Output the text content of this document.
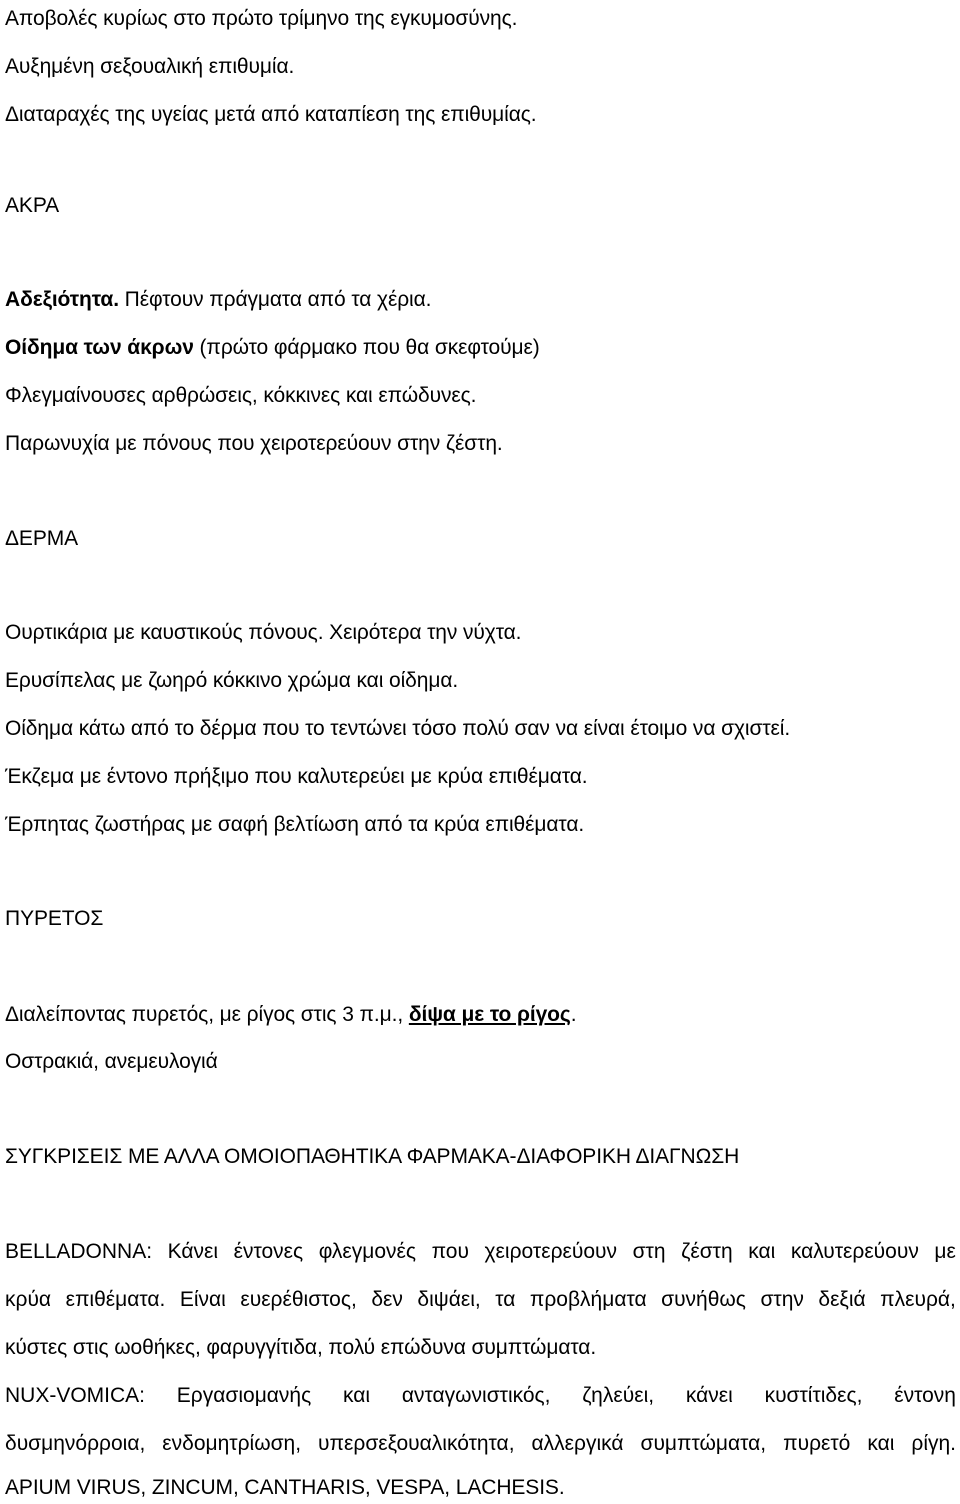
Αποβολές κυρίως στο πρώτο τρίμηνο της εγκυμοσύνης.

Αυξημένη σεξουαλική επιθυμία.

Διαταραχές της υγείας μετά από καταπίεση της επιθυμίας.

ΑΚΡΑ

Αδεξιότητα. Πέφτουν πράγματα από τα χέρια.

Οίδημα των άκρων (πρώτο φάρμακο που θα σκεφτούμε)

Φλεγμαίνουσες αρθρώσεις, κόκκινες και επώδυνες.

Παρωνυχία με πόνους που χειροτερεύουν στην ζέστη.

ΔΕΡΜΑ

Ουρτικάρια με καυστικούς πόνους. Χειρότερα την νύχτα.

Ερυσίπελας με ζωηρό κόκκινο χρώμα και οίδημα.

Οίδημα κάτω από το δέρμα που το τεντώνει τόσο πολύ σαν να είναι έτοιμο να σχιστεί.

Έκζεμα με έντονο πρήξιμο που καλυτερεύει με κρύα επιθέματα.

Έρπητας ζωστήρας με σαφή βελτίωση από τα κρύα επιθέματα.

ΠΥΡΕΤΟΣ

Διαλείποντας πυρετός, με ρίγος στις 3 π.μ., δίψα με το ρίγος.

Οστρακιά, ανεμευλογιά

ΣΥΓΚΡΙΣΕΙΣ ΜΕ ΑΛΛΑ ΟΜΟΙΟΠΑΘΗΤΙΚΑ ΦΑΡΜΑΚΑ-ΔΙΑΦΟΡΙΚΗ ΔΙΑΓΝΩΣΗ

BELLADONNA: Κάνει έντονες φλεγμονές που χειροτερεύουν στη ζέστη και καλυτερεύουν με

κρύα επιθέματα. Είναι ευερέθιστος, δεν διψάει, τα προβλήματα συνήθως στην δεξιά πλευρά,

κύστες στις ωοθήκες, φαρυγγίτιδα, πολύ επώδυνα συμπτώματα.

NUX-VOMICA: Εργασιομανής και ανταγωνιστικός, ζηλεύει, κάνει κυστίτιδες, έντονη

δυσμηνόρροια, ενδομητρίωση, υπερσεξουαλικότητα, αλλεργικά συμπτώματα, πυρετό και ρίγη.

APIUM VIRUS, ZINCUM, CANTHARIS, VESPA, LACHESIS.
